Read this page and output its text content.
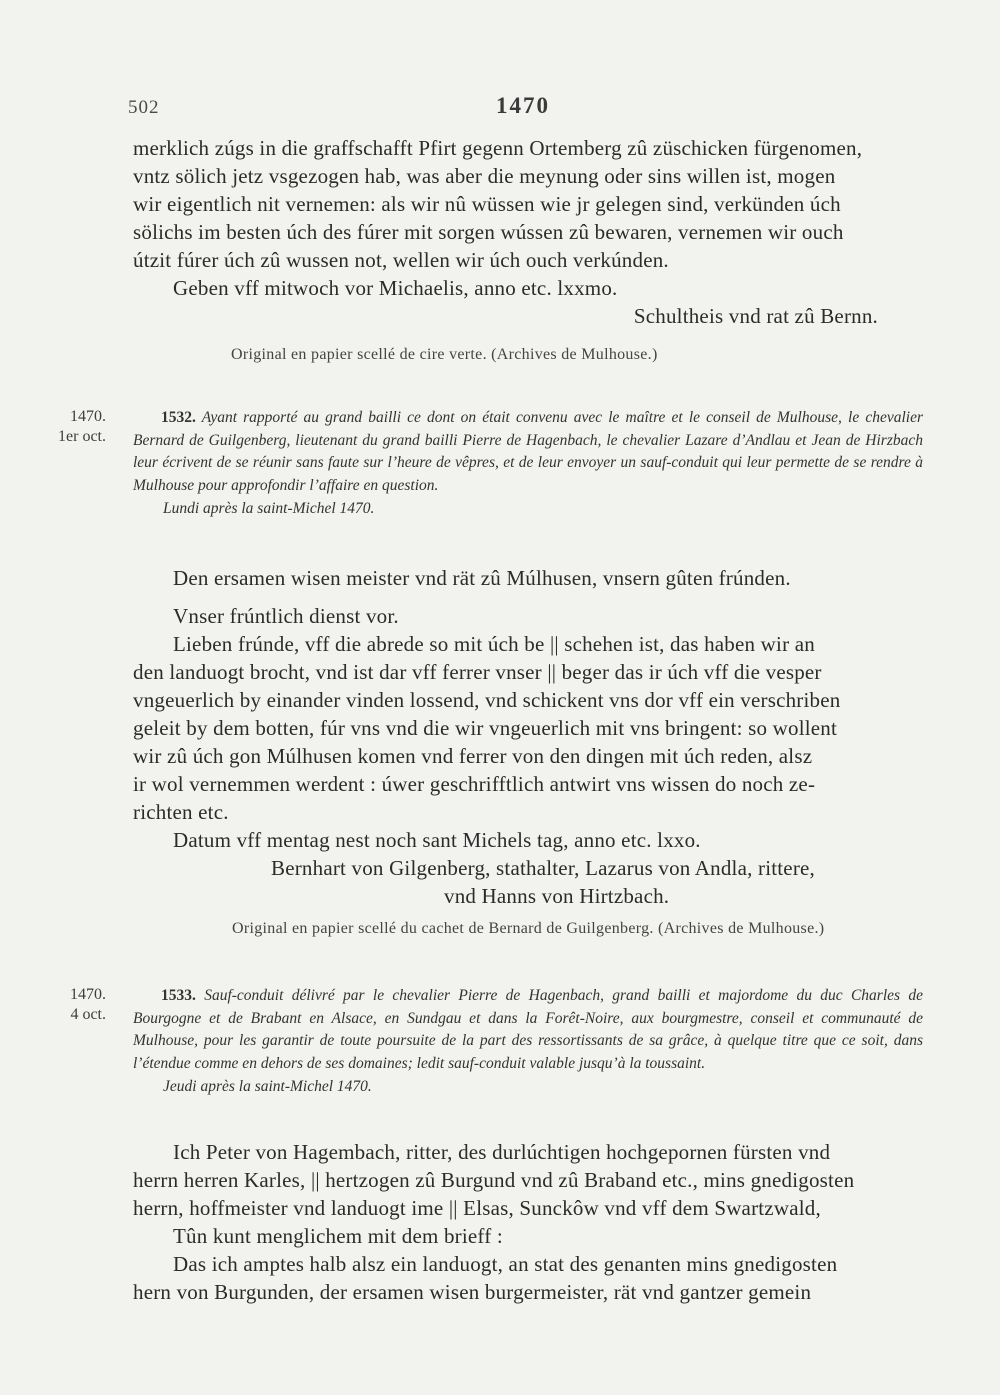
502	1470

merklich zúgs in die graffschafft Pfirt gegenn Ortemberg zû züschicken fürgenomen,

vntz sölich jetz vsgezogen hab, was aber die meynung oder sins willen ist, mogen

wir eigentlich nit vernemen: als wir nû wüssen wie jr gelegen sind, verkünden úch

sölichs im besten úch des fúrer mit sorgen wússen zû bewaren, vernemen wir ouch

útzit fúrer úch zû wussen not, wellen wir úch ouch verkúnden.

Geben vff mitwoch vor Michaelis, anno etc. lxxmo.

Schultheis vnd rat zû Bernn.

Original en papier scellé de cire verte. (Archives de Mulhouse.)
1470.
1er oct.

1532. Ayant rapporté au grand bailli ce dont on était convenu avec le maître et le conseil de Mulhouse, le chevalier Bernard de Guilgenberg, lieutenant du grand bailli Pierre de Hagenbach, le chevalier Lazare d’Andlau et Jean de Hirzbach leur écrivent de se réunir sans faute sur l’heure de vêpres, et de leur envoyer un sauf-conduit qui leur permette de se rendre à Mulhouse pour approfondir l’affaire en question.

Lundi après la saint-Michel 1470.

Den ersamen wisen meister vnd rät zû Múlhusen, vnsern gûten frúnden.

Vnser frúntlich dienst vor.

Lieben frúnde, vff die abrede so mit úch be || schehen ist, das haben wir an

den landuogt brocht, vnd ist dar vff ferrer vnser || beger das ir úch vff die vesper

vngeuerlich by einander vinden lossend, vnd schickent vns dor vff ein verschriben

geleit by dem botten, fúr vns vnd die wir vngeuerlich mit vns bringent: so wollent

wir zû úch gon Múlhusen komen vnd ferrer von den dingen mit úch reden, alsz

ir wol vernemmen werdent : úwer geschrifftlich antwirt vns wissen do noch ze-

richten etc.

Datum vff mentag nest noch sant Michels tag, anno etc. lxxo.

Bernhart von Gilgenberg, stathalter, Lazarus von Andla, rittere,

vnd Hanns von Hirtzbach.

Original en papier scellé du cachet de Bernard de Guilgenberg. (Archives de Mulhouse.)
1470.
4 oct.

1533. Sauf-conduit délivré par le chevalier Pierre de Hagenbach, grand bailli et majordome du duc Charles de Bourgogne et de Brabant en Alsace, en Sundgau et dans la Forêt-Noire, aux bourgmestre, conseil et communauté de Mulhouse, pour les garantir de toute poursuite de la part des ressortissants de sa grâce, à quelque titre que ce soit, dans l’étendue comme en dehors de ses domaines; ledit sauf-conduit valable jusqu’à la toussaint.

Jeudi après la saint-Michel 1470.

Ich Peter von Hagembach, ritter, des durlúchtigen hochgepornen fürsten vnd

herrn herren Karles, || hertzogen zû Burgund vnd zû Braband etc., mins gnedigosten

herrn, hoffmeister vnd landuogt ime || Elsas, Sunckôw vnd vff dem Swartzwald,

Tûn kunt menglichem mit dem brieff :

Das ich amptes halb alsz ein landuogt, an stat des genanten mins gnedigosten

hern von Burgunden, der ersamen wisen burgermeister, rät vnd gantzer gemein
